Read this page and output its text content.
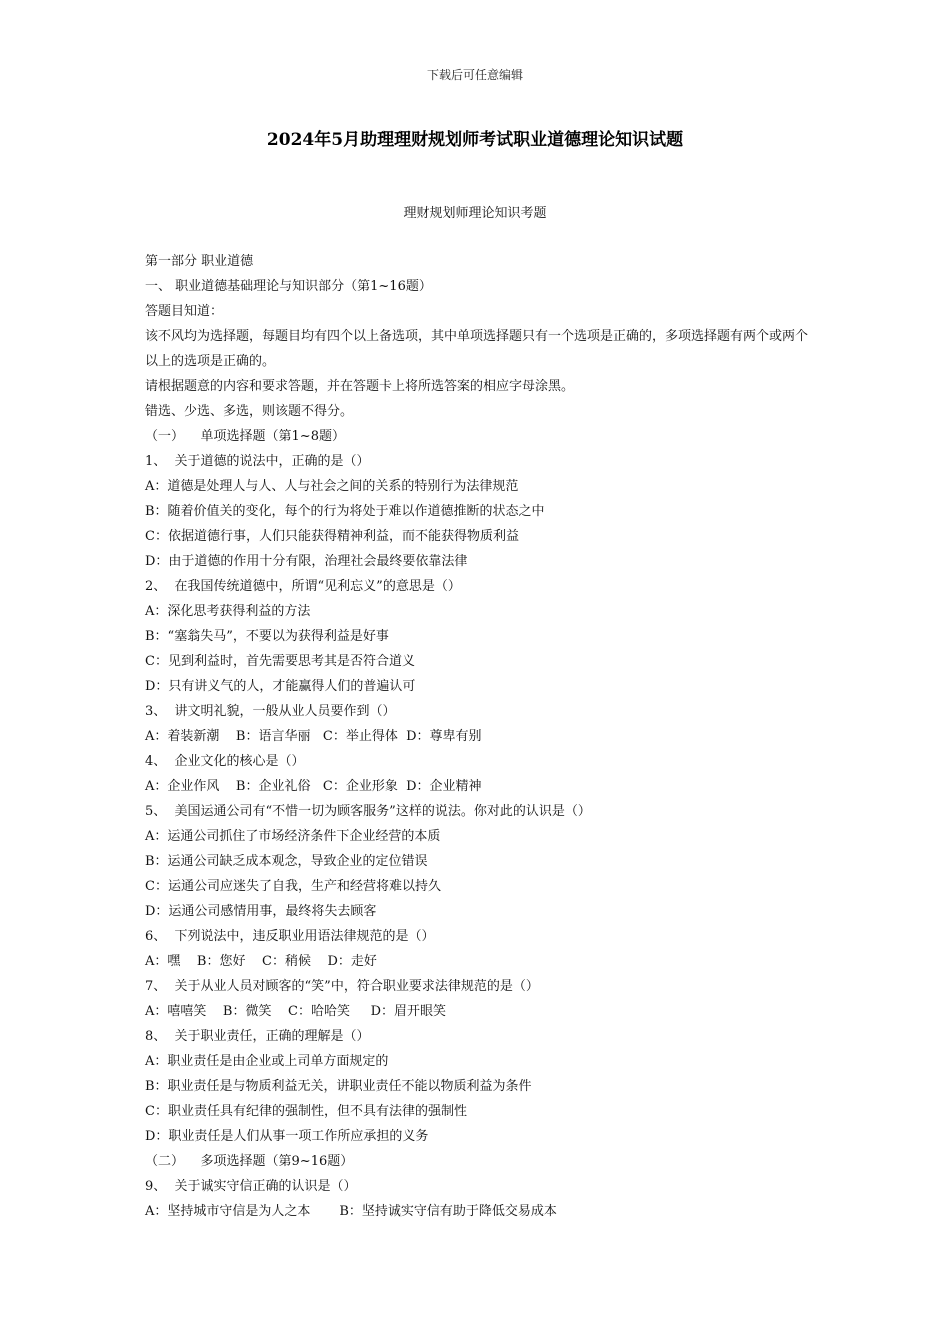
下载后可任意编辑
2024年5月助理理财规划师考试职业道德理论知识试题
理财规划师理论知识考题
第一部分 职业道德
一、 职业道德基础理论与知识部分（第1~16题）
答题目知道：
该不风均为选择题，每题目均有四个以上备选项，其中单项选择题只有一个选项是正确的，多项选择题有两个或两个以上的选项是正确的。
请根据题意的内容和要求答题，并在答题卡上将所选答案的相应字母涂黑。
错选、少选、多选，则该题不得分。
（一）    单项选择题（第1~8题）
1、  关于道德的说法中，正确的是（）
A：道德是处理人与人、人与社会之间的关系的特别行为法律规范
B：随着价值关的变化，每个的行为将处于难以作道德推断的状态之中
C：依据道德行事，人们只能获得精神利益，而不能获得物质利益
D：由于道德的作用十分有限，治理社会最终要依靠法律
2、  在我国传统道德中，所谓“见利忘义”的意思是（）
A：深化思考获得利益的方法
B：“塞翁失马”，不要以为获得利益是好事
C：见到利益时，首先需要思考其是否符合道义
D：只有讲义气的人，才能赢得人们的普遍认可
3、  讲文明礼貌，一般从业人员要作到（）
A：着装新潮    B：语言华丽   C：举止得体  D：尊卑有别
4、  企业文化的核心是（）
A：企业作风    B：企业礼俗   C：企业形象  D：企业精神
5、  美国运通公司有“不惜一切为顾客服务”这样的说法。你对此的认识是（）
A：运通公司抓住了市场经济条件下企业经营的本质
B：运通公司缺乏成本观念，导致企业的定位错误
C：运通公司应迷失了自我，生产和经营将难以持久
D：运通公司感情用事，最终将失去顾客
6、  下列说法中，违反职业用语法律规范的是（）
A：嘿    B：您好    C：稍候    D：走好
7、  关于从业人员对顾客的“笑”中，符合职业要求法律规范的是（）
A：嘻嘻笑    B：微笑    C：哈哈笑     D：眉开眼笑
8、  关于职业责任，正确的理解是（）
A：职业责任是由企业或上司单方面规定的
B：职业责任是与物质利益无关，讲职业责任不能以物质利益为条件
C：职业责任具有纪律的强制性，但不具有法律的强制性
D：职业责任是人们从事一项工作所应承担的义务
（二）    多项选择题（第9~16题）
9、  关于诚实守信正确的认识是（）
A：坚持城市守信是为人之本       B：坚持诚实守信有助于降低交易成本
